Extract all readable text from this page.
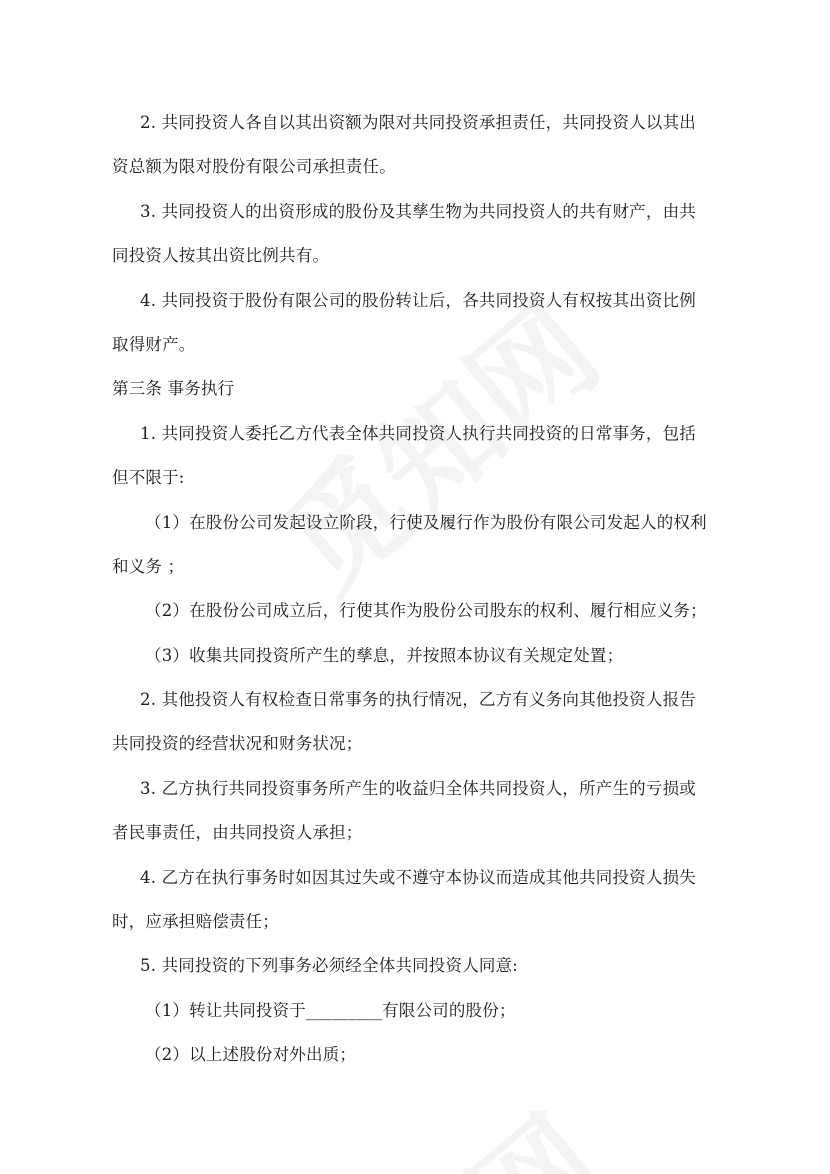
2. 共同投资人各自以其出资额为限对共同投资承担责任，共同投资人以其出
资总额为限对股份有限公司承担责任。
3. 共同投资人的出资形成的股份及其孳生物为共同投资人的共有财产，由共
同投资人按其出资比例共有。
4. 共同投资于股份有限公司的股份转让后，各共同投资人有权按其出资比例
取得财产。
第三条 事务执行
1. 共同投资人委托乙方代表全体共同投资人执行共同投资的日常事务，包括
但不限于:
（1）在股份公司发起设立阶段，行使及履行作为股份有限公司发起人的权利
和义务 ；
（2）在股份公司成立后，行使其作为股份公司股东的权利、履行相应义务；
（3）收集共同投资所产生的孳息，并按照本协议有关规定处置；
2. 其他投资人有权检查日常事务的执行情况，乙方有义务向其他投资人报告
共同投资的经营状况和财务状况；
3. 乙方执行共同投资事务所产生的收益归全体共同投资人，所产生的亏损或
者民事责任，由共同投资人承担；
4. 乙方在执行事务时如因其过失或不遵守本协议而造成其他共同投资人损失
时，应承担赔偿责任；
5. 共同投资的下列事务必须经全体共同投资人同意:
（1）转让共同投资于_________有限公司的股份；
（2）以上述股份对外出质；
